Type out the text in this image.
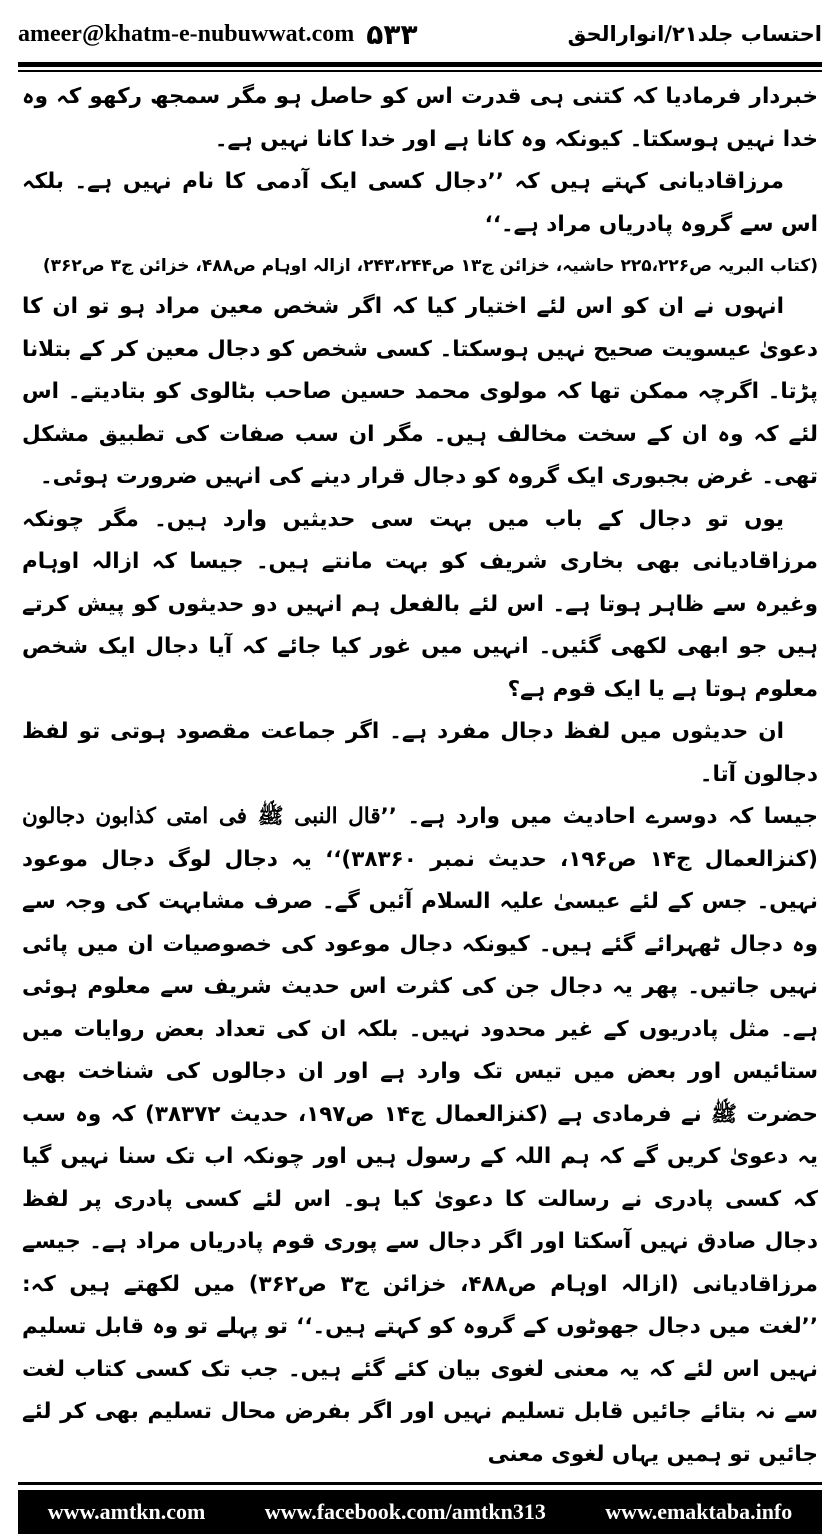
ameer@khatm-e-nubuwwat.com ۵۳۳	احتساب جلد۲۱/انوارالحق

خبردار فرمادیا کہ کتنی ہی قدرت اس کو حاصل ہو مگر سمجھ رکھو کہ وہ خدا نہیں ہوسکتا۔ کیونکہ وہ کانا ہے اور خدا کانا نہیں ہے۔

مرزاقادیانی کہتے ہیں کہ ’’دجال کسی ایک آدمی کا نام نہیں ہے۔ بلکہ اس سے گروہ پادریاں مراد ہے۔‘‘

(کتاب البریہ ص۲۲۵،۲۲۶ حاشیہ، خزائن ج۱۳ ص۲۴۳،۲۴۴، ازالہ اوہام ص۴۸۸، خزائن ج۳ ص۳۶۲)

انہوں نے ان کو اس لئے اختیار کیا کہ اگر شخص معین مراد ہو تو ان کا دعویٰ عیسویت صحیح نہیں ہوسکتا۔ کسی شخص کو دجال معین کر کے بتلانا پڑتا۔ اگرچہ ممکن تھا کہ مولوی محمد حسین صاحب بٹالوی کو بتادیتے۔ اس لئے کہ وہ ان کے سخت مخالف ہیں۔ مگر ان سب صفات کی تطبیق مشکل تھی۔ غرض بجبوری ایک گروہ کو دجال قرار دینے کی انہیں ضرورت ہوئی۔

یوں تو دجال کے باب میں بہت سی حدیثیں وارد ہیں۔ مگر چونکہ مرزاقادیانی بھی بخاری شریف کو بہت مانتے ہیں۔ جیسا کہ ازالہ اوہام وغیرہ سے ظاہر ہوتا ہے۔ اس لئے بالفعل ہم انہیں دو حدیثوں کو پیش کرتے ہیں جو ابھی لکھی گئیں۔ انہیں میں غور کیا جائے کہ آیا دجال ایک شخص معلوم ہوتا ہے یا ایک قوم ہے؟

ان حدیثوں میں لفظ دجال مفرد ہے۔ اگر جماعت مقصود ہوتی تو لفظ دجالون آتا۔

جیسا کہ دوسرے احادیث میں وارد ہے۔ ’’قال النبی ﷺ فی امتی کذابون دجالون (کنزالعمال ج۱۴ ص۱۹۶، حدیث نمبر ۳۸۳۶۰)‘‘ یہ دجال لوگ دجال موعود نہیں۔ جس کے لئے عیسیٰ علیہ السلام آئیں گے۔ صرف مشابہت کی وجہ سے وہ دجال ٹھہرائے گئے ہیں۔ کیونکہ دجال موعود کی خصوصیات ان میں پائی نہیں جاتیں۔ پھر یہ دجال جن کی کثرت اس حدیث شریف سے معلوم ہوئی ہے۔ مثل پادریوں کے غیر محدود نہیں۔ بلکہ ان کی تعداد بعض روایات میں ستائیس اور بعض میں تیس تک وارد ہے اور ان دجالوں کی شناخت بھی حضرت ﷺ نے فرمادی ہے (کنزالعمال ج۱۴ ص۱۹۷، حدیث ۳۸۳۷۲) کہ وہ سب یہ دعویٰ کریں گے کہ ہم اللہ کے رسول ہیں اور چونکہ اب تک سنا نہیں گیا کہ کسی پادری نے رسالت کا دعویٰ کیا ہو۔ اس لئے کسی پادری پر لفظ دجال صادق نہیں آسکتا اور اگر دجال سے پوری قوم پادریاں مراد ہے۔ جیسے مرزاقادیانی (ازالہ اوہام ص۴۸۸، خزائن ج۳ ص۳۶۲) میں لکھتے ہیں کہ: ’’لغت میں دجال جھوٹوں کے گروہ کو کہتے ہیں۔‘‘ تو پہلے تو وہ قابل تسلیم نہیں اس لئے کہ یہ معنی لغوی بیان کئے گئے ہیں۔ جب تک کسی کتاب لغت سے نہ بتائے جائیں قابل تسلیم نہیں اور اگر بفرض محال تسلیم بھی کر لئے جائیں تو ہمیں یہاں لغوی معنی

www.amtkn.com	www.facebook.com/amtkn313	www.emaktaba.info
